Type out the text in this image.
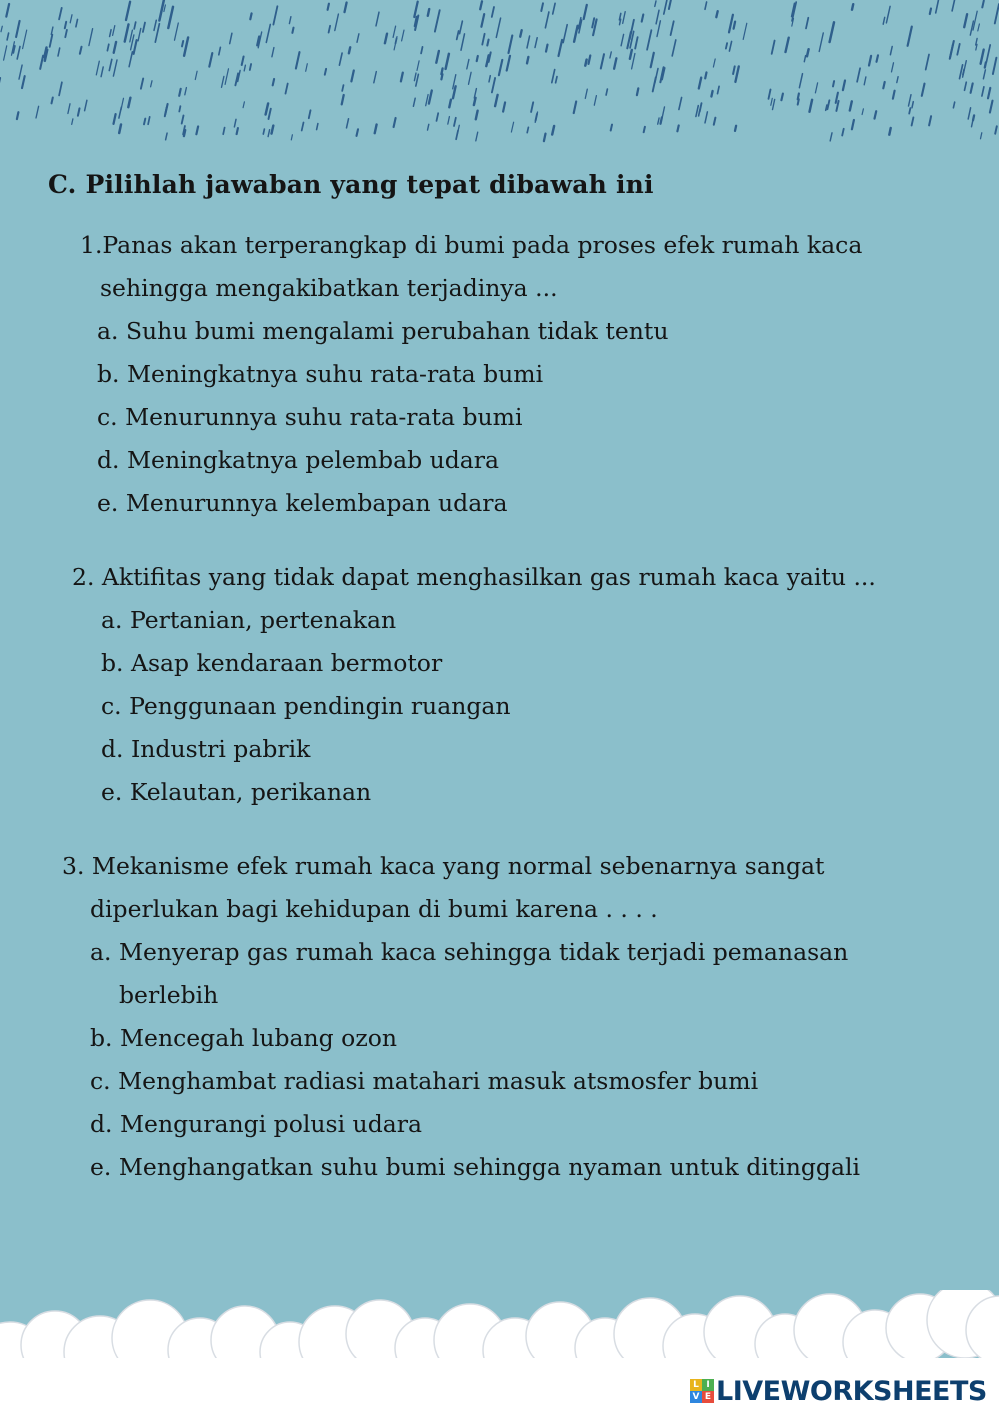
C. Pilihlah jawaban yang tepat dibawah ini
1.Panas akan terperangkap di bumi pada proses efek rumah kaca
sehingga mengakibatkan terjadinya ...
a. Suhu bumi mengalami perubahan tidak tentu
b. Meningkatnya suhu rata-rata bumi
c. Menurunnya suhu rata-rata bumi
d. Meningkatnya pelembab udara
e. Menurunnya kelembapan udara
2. Aktifitas yang tidak dapat menghasilkan gas rumah kaca yaitu ...
a. Pertanian, pertenakan
b. Asap kendaraan bermotor
c. Penggunaan pendingin ruangan
d. Industri pabrik
e. Kelautan, perikanan
3. Mekanisme efek rumah kaca yang normal sebenarnya sangat
diperlukan bagi kehidupan di bumi karena . . . .
a. Menyerap gas rumah kaca sehingga tidak terjadi pemanasan
berlebih
b. Mencegah lubang ozon
c. Menghambat radiasi matahari masuk atsmosfer bumi
d. Mengurangi polusi udara
e. Menghangatkan suhu bumi sehingga nyaman untuk ditinggali
L I
V E LIVEWORKSHEETS
